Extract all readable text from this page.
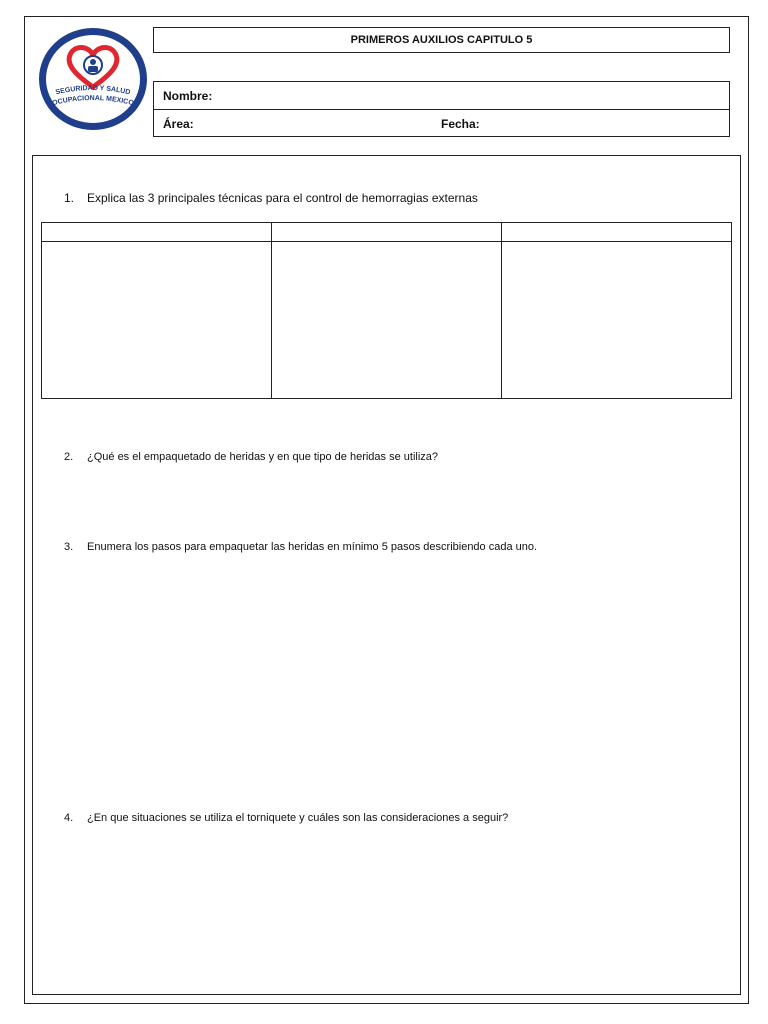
SEGURIDAD Y SALUD
OCUPACIONAL MEXICO
PRIMEROS AUXILIOS CAPITULO 5
Nombre:
Área:	Fecha:
1. Explica las 3 principales técnicas para el control de hemorragias externas
2. ¿Qué es el empaquetado de heridas y en que tipo de heridas se utiliza?
3. Enumera los pasos para empaquetar las heridas en mínimo 5 pasos describiendo cada uno.
4. ¿En que situaciones se utiliza el torniquete y cuáles son las consideraciones a seguir?
